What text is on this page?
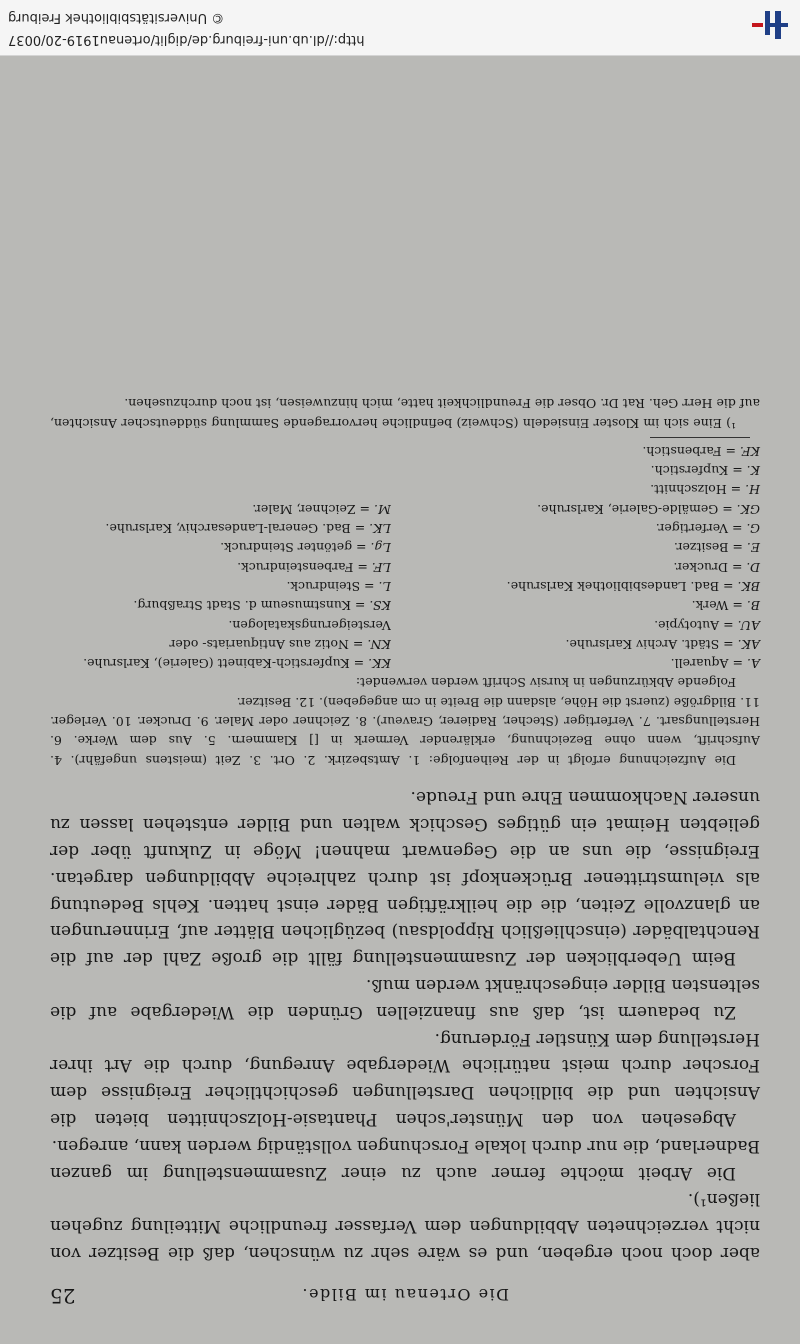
Die Ortenau im Bilde.
25

aber doch noch ergeben, und es wäre sehr zu wünschen, daß die Besitzer von nicht verzeichneten Abbildungen dem Verfasser freundliche Mitteilung zugehen ließen¹).

Die Arbeit möchte ferner auch zu einer Zusammenstellung im ganzen Badnerland, die nur durch lokale Forschungen vollständig werden kann, anregen.

Abgesehen von den Münster'schen Phantasie-Holzschnitten bieten die Ansichten und die bildlichen Darstellungen geschichtlicher Ereignisse dem Forscher durch meist natürliche Wiedergabe Anregung, durch die Art ihrer Herstellung dem Künstler Förderung.

Zu bedauern ist, daß aus finanziellen Gründen die Wiedergabe auf die seltensten Bilder eingeschränkt werden muß.

Beim Ueberblicken der Zusammenstellung fällt die große Zahl der auf die Renchtalbäder (einschließlich Rippoldsau) bezüglichen Blätter auf, Erinnerungen an glanzvolle Zeiten, die die heilkräftigen Bäder einst hatten. Kehls Bedeutung als vielumstrittener Brückenkopf ist durch zahlreiche Abbildungen dargetan. Ereignisse, die uns an die Gegenwart mahnen! Möge in Zukunft über der geliebten Heimat ein gütiges Geschick walten und Bilder entstehen lassen zu unserer Nachkommen Ehre und Freude.

Die Aufzeichnung erfolgt in der Reihenfolge: 1. Amtsbezirk. 2. Ort. 3. Zeit (meistens ungefähr). 4. Aufschrift, wenn ohne Bezeichnung, erklärender Vermerk in [] Klammern. 5. Aus dem Werke. 6. Herstellungsart. 7. Verfertiger (Stecher, Radierer, Graveur). 8. Zeichner oder Maler. 9. Drucker. 10. Verleger. 11. Bildgröße (zuerst die Höhe, alsdann die Breite in cm angegeben). 12. Besitzer.

Folgende Abkürzungen in kursiv Schrift werden verwendet:

A. = Aquarell.
AK. = Städt. Archiv Karlsruhe.
AU. = Autotypie.
B. = Werk.
BK. = Bad. Landesbibliothek Karlsruhe.
D. = Drucker.
E. = Besitzer.
G. = Verfertiger.
GK. = Gemälde-Galerie, Karlsruhe.
H. = Holzschnitt.
K. = Kupferstich.
KF. = Farbenstich.
KK. = Kupferstich-Kabinett (Galerie), Karlsruhe.
KN. = Notiz aus Antiquariats- oder Versteigerungskatalogen.
KS. = Kunstmuseum d. Stadt Straßburg.
L. = Steindruck.
LF. = Farbensteindruck.
Lg. = getönter Steindruck.
LK. = Bad. General-Landesarchiv, Karlsruhe.
M. = Zeichner, Maler.

¹) Eine sich im Kloster Einsiedeln (Schweiz) befindliche hervorragende Sammlung süddeutscher Ansichten, auf die Herr Geh. Rat Dr. Obser die Freundlichkeit hatte, mich hinzuweisen, ist noch durchzusehen.

http://dl.ub.uni-freiburg.de/diglit/ortenau1919-20/0037
© Universitätsbibliothek Freiburg
